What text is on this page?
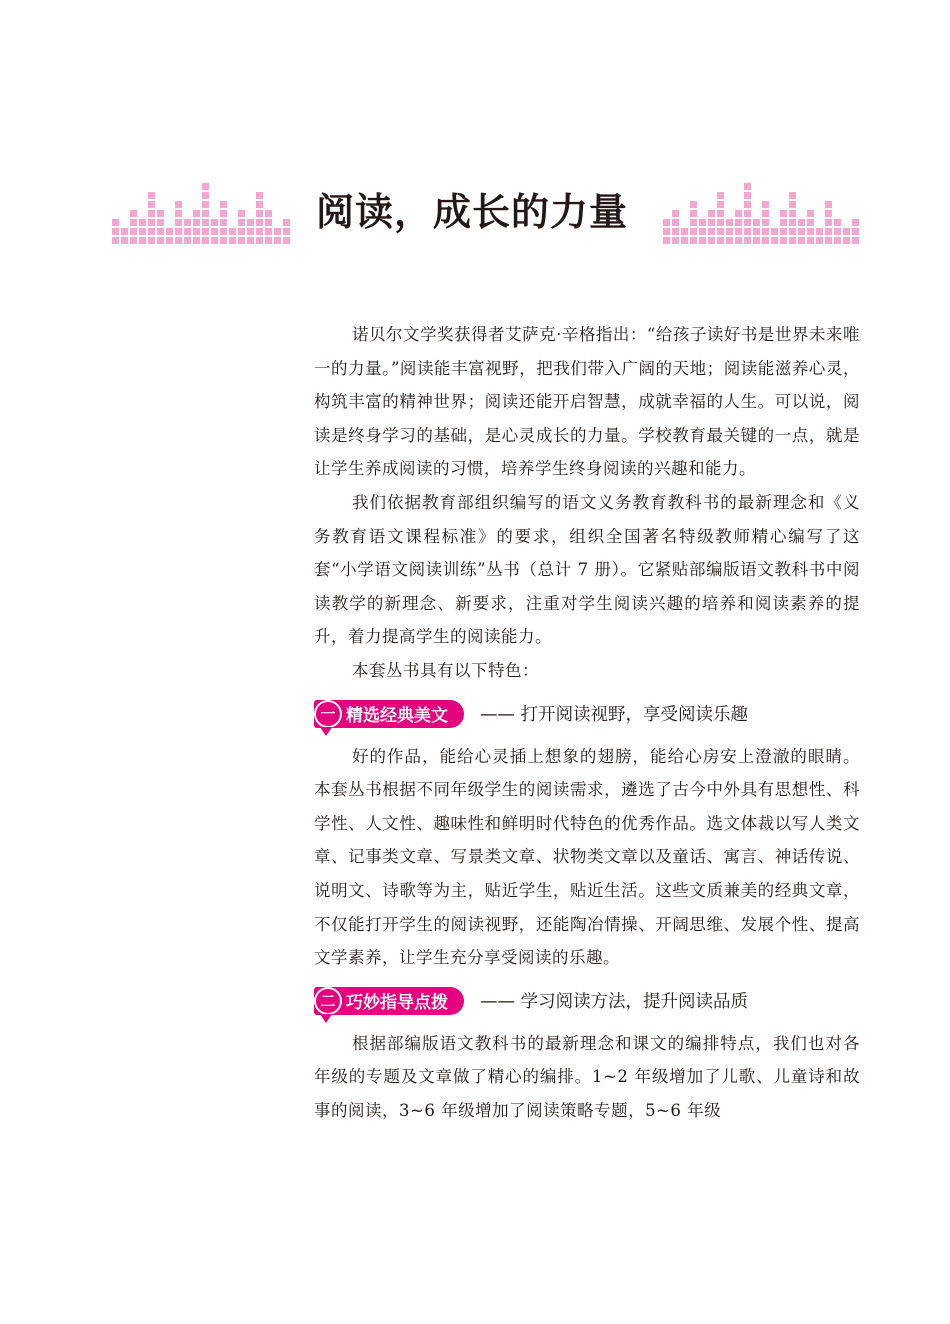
阅读，成长的力量

诺贝尔文学奖获得者艾萨克·辛格指出：“给孩子读好书是世界未来唯一的力量。”阅读能丰富视野，把我们带入广阔的天地；阅读能滋养心灵，构筑丰富的精神世界；阅读还能开启智慧，成就幸福的人生。可以说，阅读是终身学习的基础，是心灵成长的力量。学校教育最关键的一点，就是让学生养成阅读的习惯，培养学生终身阅读的兴趣和能力。

我们依据教育部组织编写的语文义务教育教科书的最新理念和《义务教育语文课程标准》的要求，组织全国著名特级教师精心编写了这套“小学语文阅读训练”丛书（总计 7 册）。它紧贴部编版语文教科书中阅读教学的新理念、新要求，注重对学生阅读兴趣的培养和阅读素养的提升，着力提高学生的阅读能力。

本套丛书具有以下特色：

一 精选经典美文 —— 打开阅读视野，享受阅读乐趣

好的作品，能给心灵插上想象的翅膀，能给心房安上澄澈的眼睛。本套丛书根据不同年级学生的阅读需求，遴选了古今中外具有思想性、科学性、人文性、趣味性和鲜明时代特色的优秀作品。选文体裁以写人类文章、记事类文章、写景类文章、状物类文章以及童话、寓言、神话传说、说明文、诗歌等为主，贴近学生，贴近生活。这些文质兼美的经典文章，不仅能打开学生的阅读视野，还能陶冶情操、开阔思维、发展个性、提高文学素养，让学生充分享受阅读的乐趣。

二 巧妙指导点拨 —— 学习阅读方法，提升阅读品质

根据部编版语文教科书的最新理念和课文的编排特点，我们也对各年级的专题及文章做了精心的编排。1~2 年级增加了儿歌、儿童诗和故事的阅读，3~6 年级增加了阅读策略专题，5~6 年级
